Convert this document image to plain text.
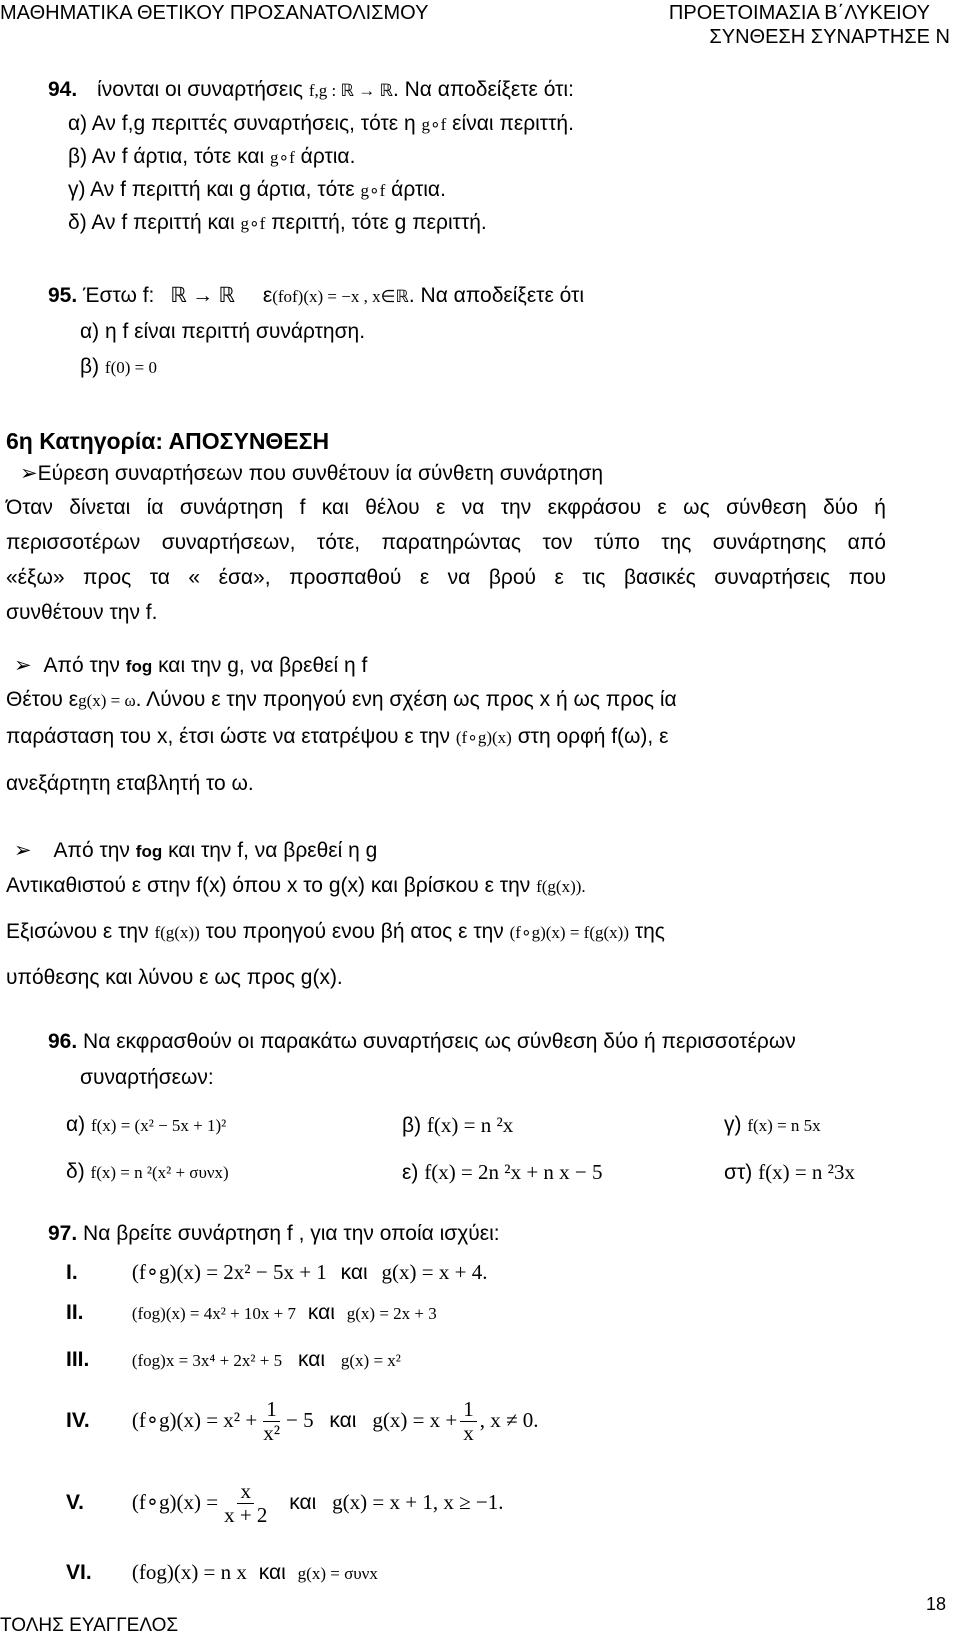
ΜΑΘΗΜΑΤΙΚΑ ΘΕΤΙΚΟΥ ΠΡΟΣΑΝΑΤΟΛΙΣΜΟΥ	ΠΡΟΕΤΟΙΜΑΣΙΑ Β΄ΛΥΚΕΙΟΥ
ΣΥΝΘΕΣΗ ΣΥΝΑΡΤΗΣΕ Ν
94. ίνονται οι συναρτήσεις f,g : ℝ → ℝ. Να αποδείξετε ότι:
α) Αν f,g περιττές συναρτήσεις, τότε η g∘f είναι περιττή.
β) Αν f άρτια, τότε και g∘f άρτια.
γ) Αν f περιττή και g άρτια, τότε g∘f άρτια.
δ) Αν f περιττή και g∘f περιττή, τότε g περιττή.
95. Έστω f: ℝ → ℝ ε(fof)(x) = −x , x∈ℝ. Να αποδείξετε ότι
α) η f είναι περιττή συνάρτηση.
β) f(0) = 0
6η Κατηγορία: ΑΠΟΣΥΝΘΕΣΗ
➢Εύρεση συναρτήσεων που συνθέτουν ία σύνθετη συνάρτηση
Όταν δίνεται ία συνάρτηση f και θέλου ε να την εκφράσου ε ως σύνθεση δύο ή
περισσοτέρων συναρτήσεων, τότε, παρατηρώντας τον τύπο της συνάρτησης από
«έξω» προς τα « έσα», προσπαθού ε να βρού ε τις βασικές συναρτήσεις που
συνθέτουν την f.
➢ Από την fog και την g, να βρεθεί η f
Θέτου εg(x) = ω. Λύνου ε την προηγού ενη σχέση ως προς x ή ως προς ία
παράσταση του x, έτσι ώστε να ετατρέψου ε την (f∘g)(x) στη ορφή f(ω), ε
ανεξάρτητη εταβλητή το ω.
➢ Από την fog και την f, να βρεθεί η g
Αντικαθιστού ε στην f(x) όπου x το g(x) και βρίσκου ε την f(g(x)).
Εξισώνου ε την f(g(x)) του προηγού ενου βή ατος ε την (f∘g)(x) = f(g(x)) της
υπόθεσης και λύνου ε ως προς g(x).
96. Να εκφρασθούν οι παρακάτω συναρτήσεις ως σύνθεση δύο ή περισσοτέρων
συναρτήσεων:
α) f(x) = (x² − 5x + 1)²	β) f(x) = n ²x	γ) f(x) = n 5x
δ) f(x) = n ²(x² + συνx)	ε) f(x) = 2n ²x + n x − 5	στ) f(x) = n ²3x
97. Να βρείτε συνάρτηση f , για την οποία ισχύει:
I.	(f∘g)(x) = 2x² − 5x + 1 και g(x) = x + 4.
II.	(fog)(x) = 4x² + 10x + 7 και g(x) = 2x + 3
III.	(fog)x = 3x⁴ + 2x² + 5 και g(x) = x²
IV. (f∘g)(x) = $x^2 + \frac{1}{\text{x²}} - 5$ και $g(x) = x + \frac{1}{x}$ , x ≠ 0.
V. (f∘g)(x) = $\frac{x}{x + 2}$ και g(x) = x + 1, x ≥ −1.
VI. (fog)(x) = n x και g(x) = συνx
18
ΤΟΛΗΣ ΕΥΑΓΓΕΛΟΣ
